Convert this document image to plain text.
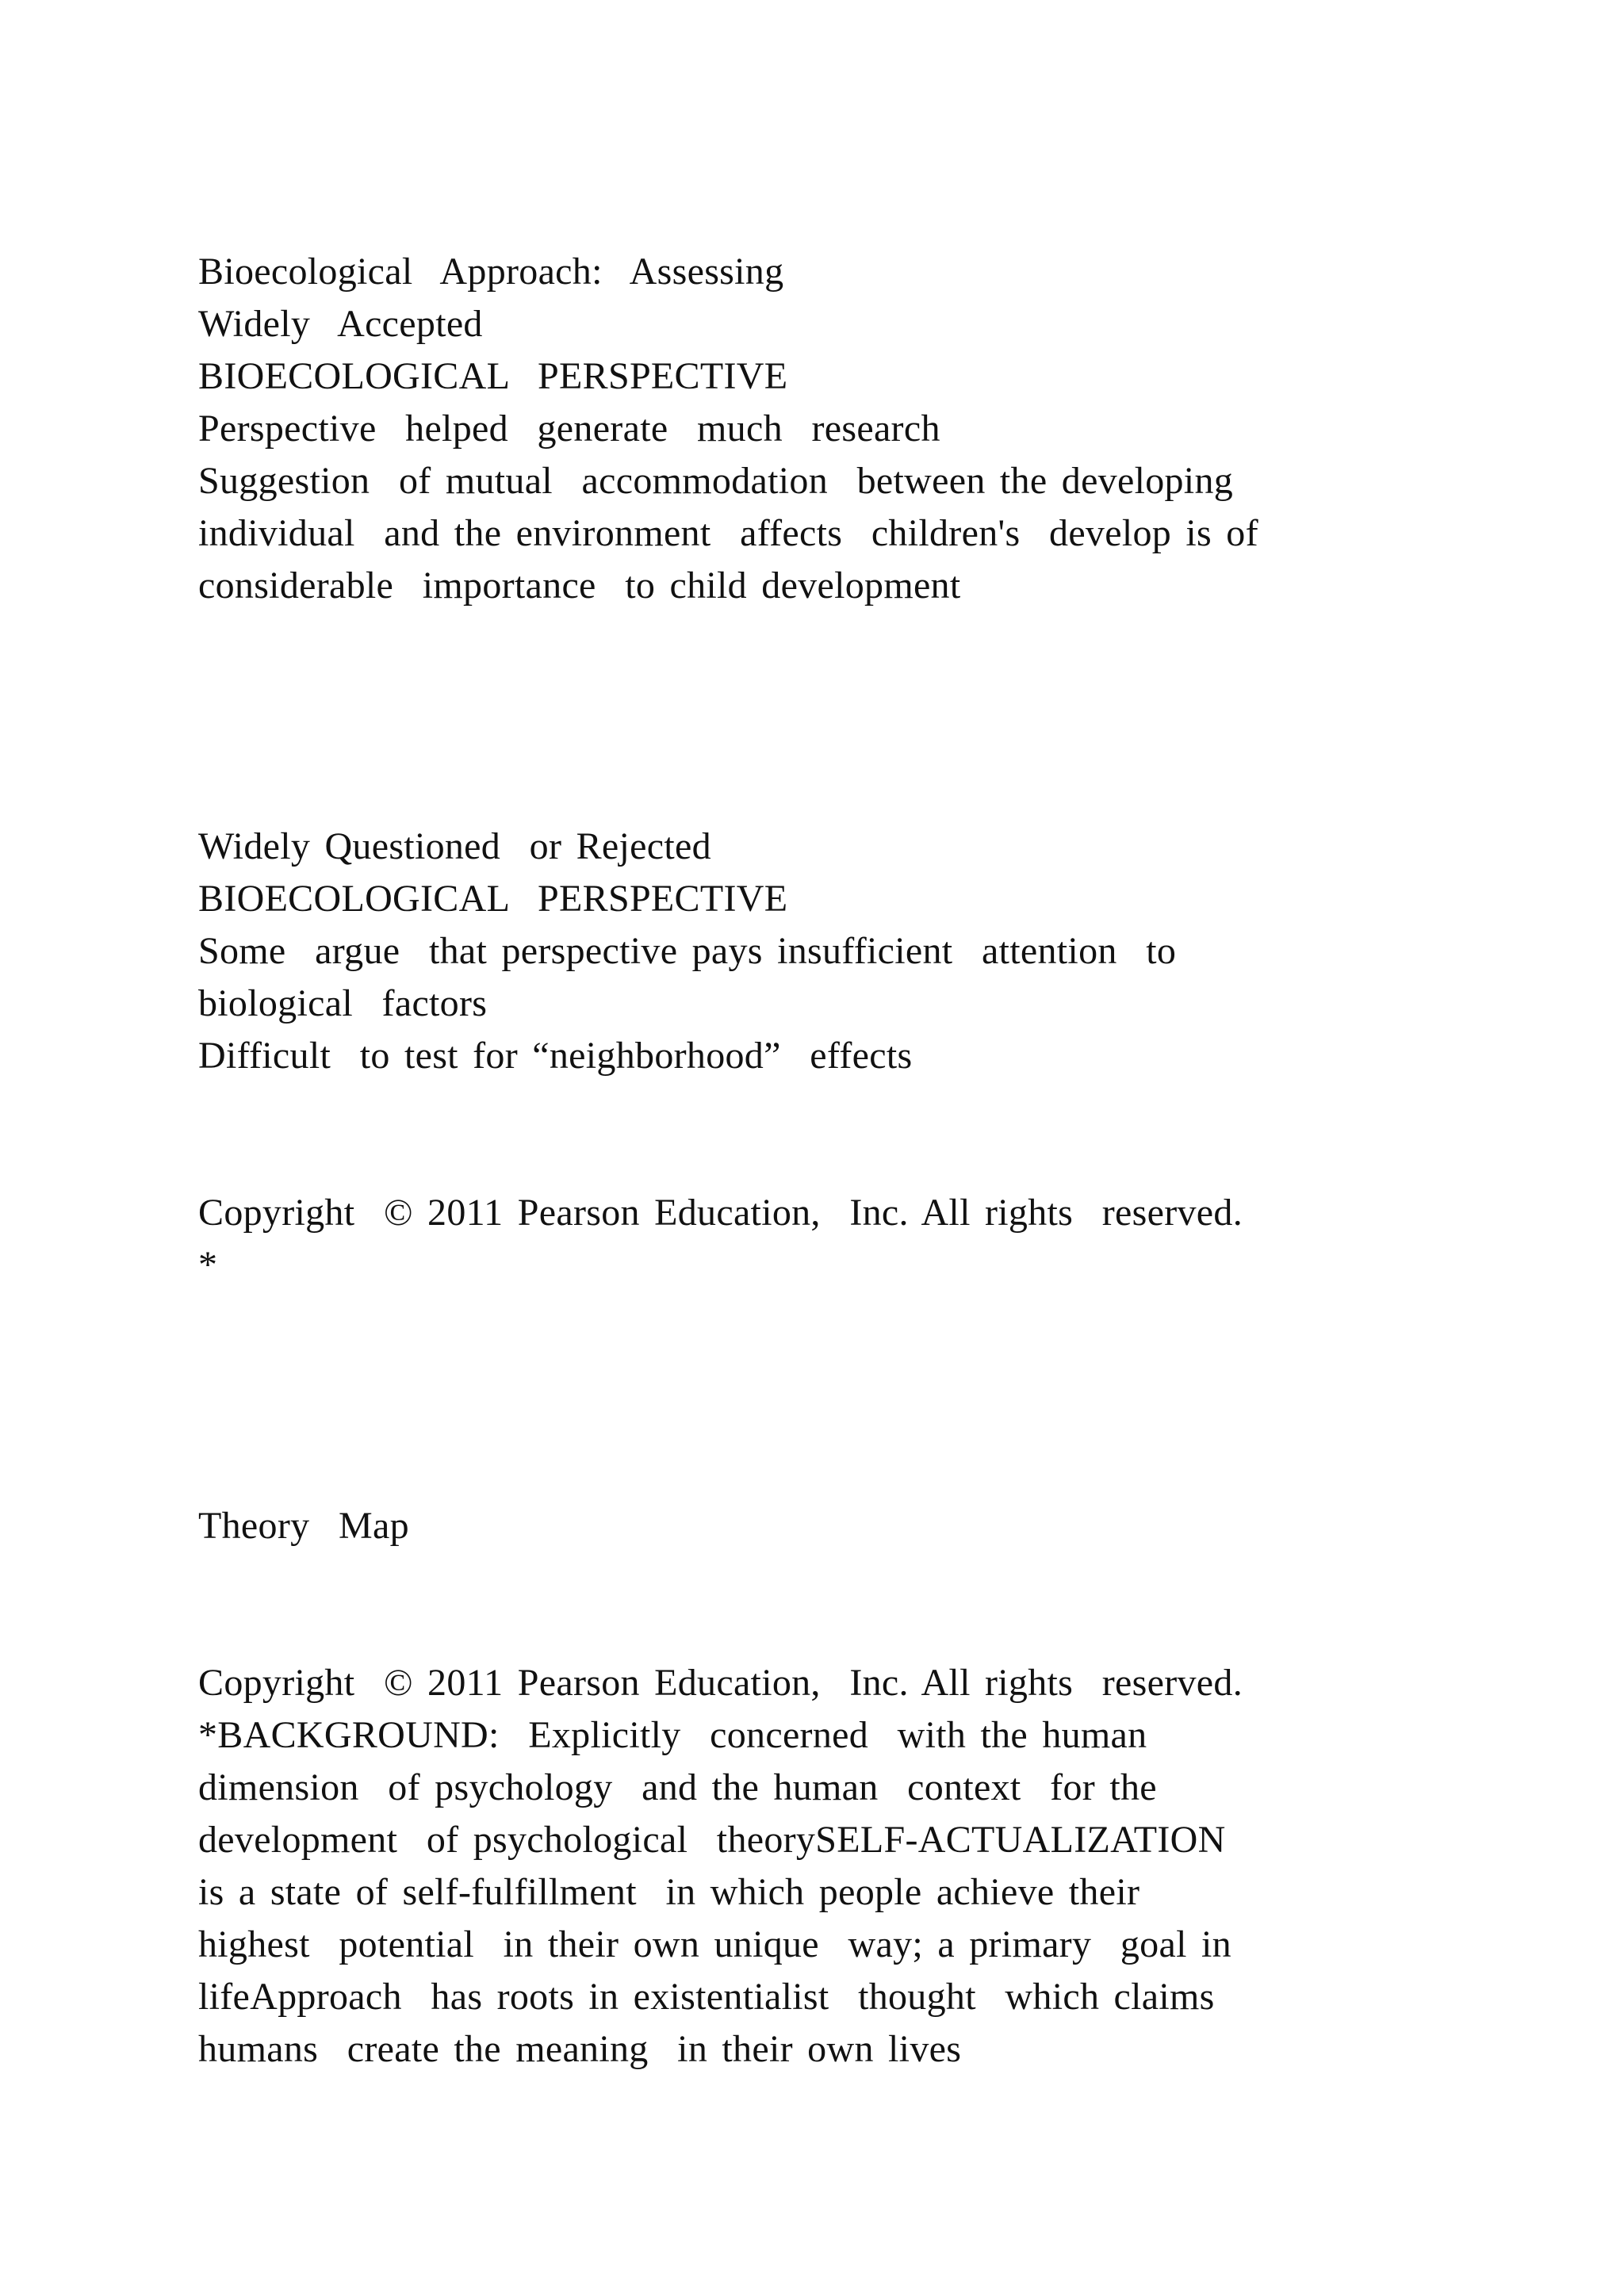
Bioecological  Approach:  Assessing
Widely  Accepted
BIOECOLOGICAL  PERSPECTIVE
Perspective  helped  generate  much  research
Suggestion  of mutual  accommodation  between the developing
individual  and the environment  affects  children's  develop is of
considerable  importance  to child development
Widely Questioned  or Rejected
BIOECOLOGICAL  PERSPECTIVE
Some  argue  that perspective pays insufficient  attention  to
biological  factors
Difficult  to test for “neighborhood”  effects
Copyright  © 2011 Pearson Education,  Inc. All rights  reserved.
*
Theory  Map
Copyright  © 2011 Pearson Education,  Inc. All rights  reserved.
*BACKGROUND:  Explicitly  concerned  with the human
dimension  of psychology  and the human  context  for the
development  of psychological  theorySELF-ACTUALIZATION
is a state of self-fulfillment  in which people achieve their
highest  potential  in their own unique  way; a primary  goal in
lifeApproach  has roots in existentialist  thought  which claims
humans  create the meaning  in their own lives
